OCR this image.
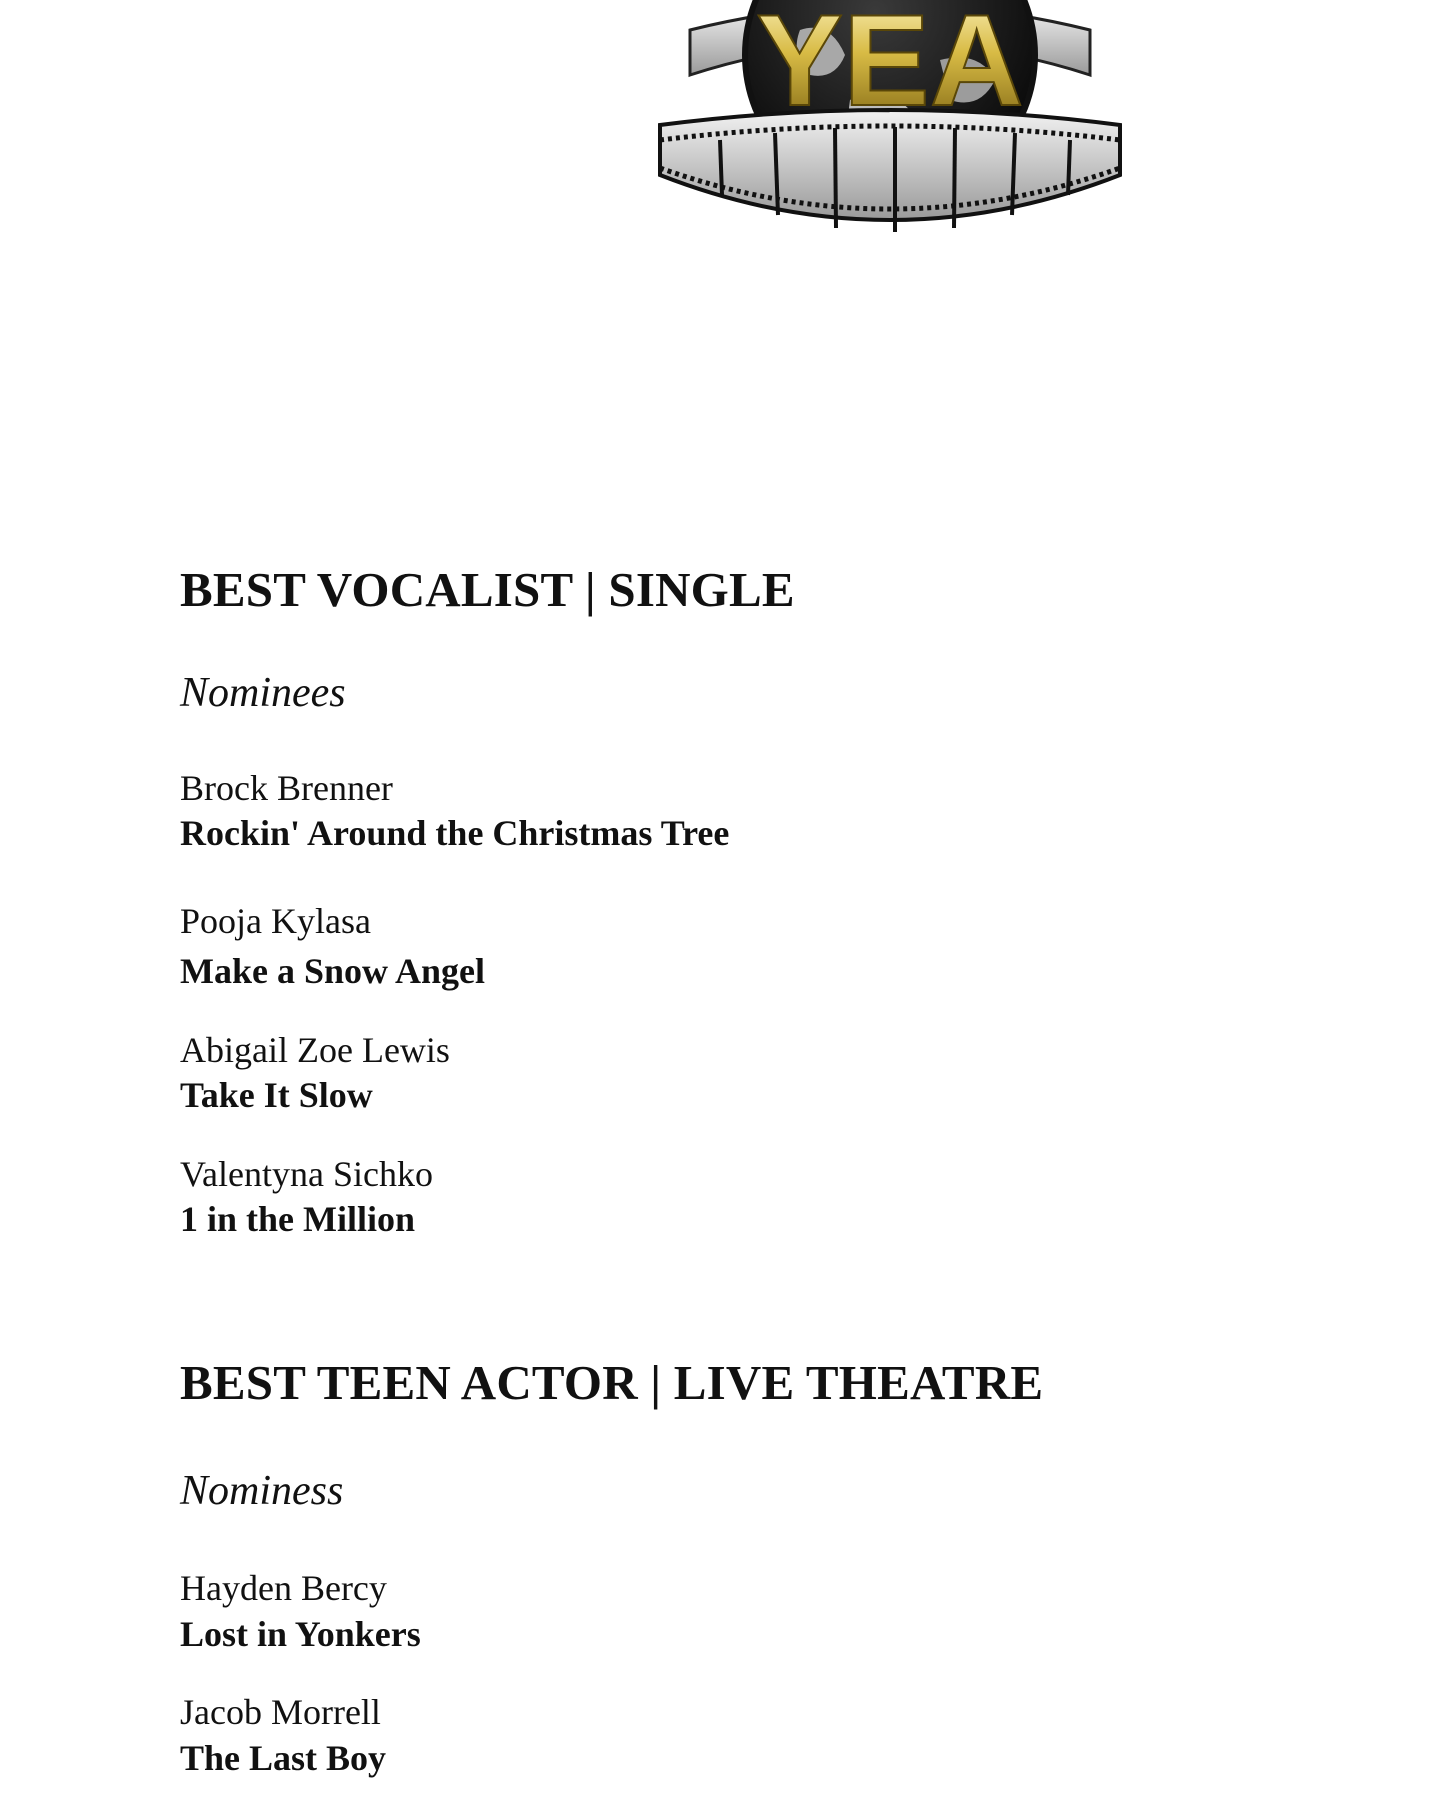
YEA
BEST VOCALIST | SINGLE

Nominees

Brock Brenner
Rockin' Around the Christmas Tree
Pooja Kylasa
Make a Snow Angel
Abigail Zoe Lewis
Take It Slow
Valentyna Sichko
1 in the Million
BEST TEEN ACTOR | LIVE THEATRE

Nominess

Hayden Bercy
Lost in Yonkers
Jacob Morrell
The Last Boy
